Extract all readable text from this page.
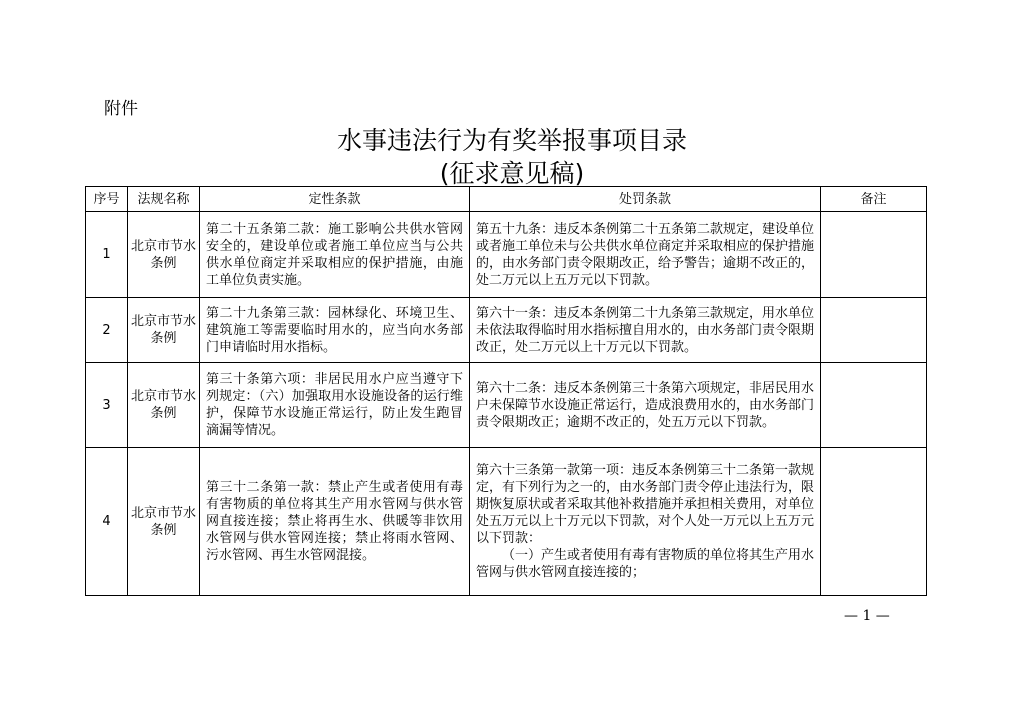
附件
水事违法行为有奖举报事项目录
(征求意见稿)
序号	法规名称	定性条款	处罚条款	备注
1	北京市节水条例	第二十五条第二款：施工影响公共供水管网安全的，建设单位或者施工单位应当与公共供水单位商定并采取相应的保护措施，由施工单位负责实施。	第五十九条：违反本条例第二十五条第二款规定，建设单位或者施工单位未与公共供水单位商定并采取相应的保护措施的，由水务部门责令限期改正，给予警告；逾期不改正的，处二万元以上五万元以下罚款。	
2	北京市节水条例	第二十九条第三款：园林绿化、环境卫生、建筑施工等需要临时用水的，应当向水务部门申请临时用水指标。	第六十一条：违反本条例第二十九条第三款规定，用水单位未依法取得临时用水指标擅自用水的，由水务部门责令限期改正，处二万元以上十万元以下罚款。	
3	北京市节水条例	第三十条第六项：非居民用水户应当遵守下列规定：（六）加强取用水设施设备的运行维护，保障节水设施正常运行，防止发生跑冒滴漏等情况。	第六十二条：违反本条例第三十条第六项规定，非居民用水户未保障节水设施正常运行，造成浪费用水的，由水务部门责令限期改正；逾期不改正的，处五万元以下罚款。	
4	北京市节水条例	第三十二条第一款：禁止产生或者使用有毒有害物质的单位将其生产用水管网与供水管网直接连接；禁止将再生水、供暖等非饮用水管网与供水管网连接；禁止将雨水管网、污水管网、再生水管网混接。	第六十三条第一款第一项：违反本条例第三十二条第一款规定，有下列行为之一的，由水务部门责令停止违法行为，限期恢复原状或者采取其他补救措施并承担相关费用，对单位处五万元以上十万元以下罚款，对个人处一万元以上五万元以下罚款：
（一）产生或者使用有毒有害物质的单位将其生产用水管网与供水管网直接连接的；	

— 1 —
